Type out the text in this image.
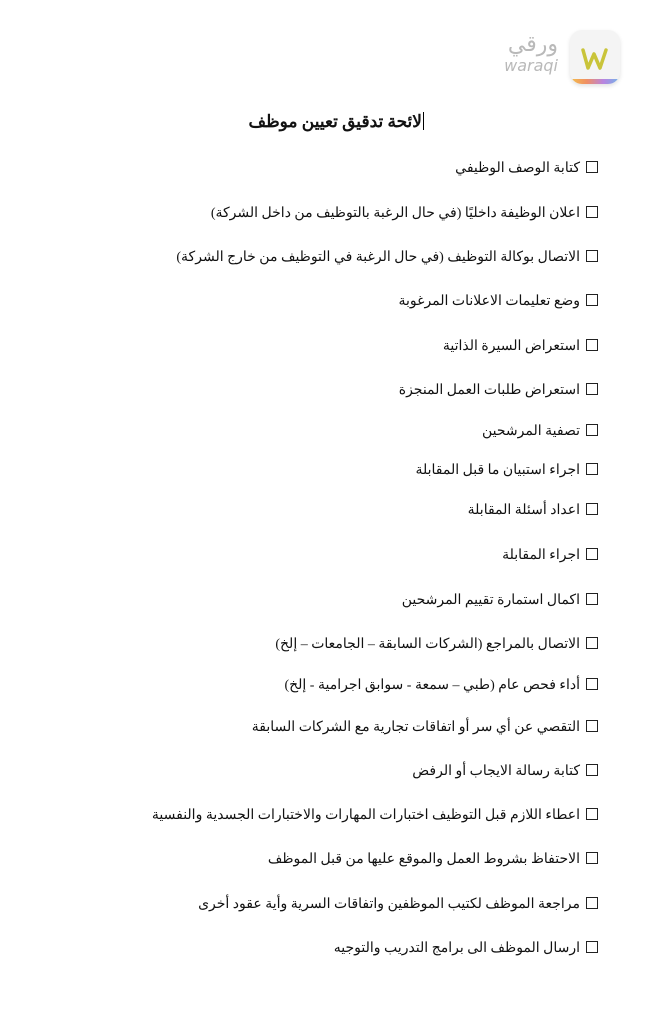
ورقي
waraqi
لائحة تدقيق تعيين موظف
كتابة الوصف الوظيفي
اعلان الوظيفة داخليًا (في حال الرغبة بالتوظيف من داخل الشركة)
الاتصال بوكالة التوظيف (في حال الرغبة في التوظيف من خارج الشركة)
وضع تعليمات الاعلانات المرغوبة
استعراض السيرة الذاتية
استعراض طلبات العمل المنجزة
تصفية المرشحين
اجراء استبيان ما قبل المقابلة
اعداد أسئلة المقابلة
اجراء المقابلة
اكمال استمارة تقييم المرشحين
الاتصال بالمراجع (الشركات السابقة – الجامعات – إلخ)
أداء فحص عام (طبي – سمعة - سوابق اجرامية - إلخ)
التقصي عن أي سر أو اتفاقات تجارية مع الشركات السابقة
كتابة رسالة الايجاب أو الرفض
اعطاء اللازم قبل التوظيف اختبارات المهارات والاختبارات الجسدية والنفسية
الاحتفاظ بشروط العمل والموقع عليها من قبل الموظف
مراجعة الموظف لكتيب الموظفين واتفاقات السرية وأية عقود أخرى
ارسال الموظف الى برامج التدريب والتوجيه
